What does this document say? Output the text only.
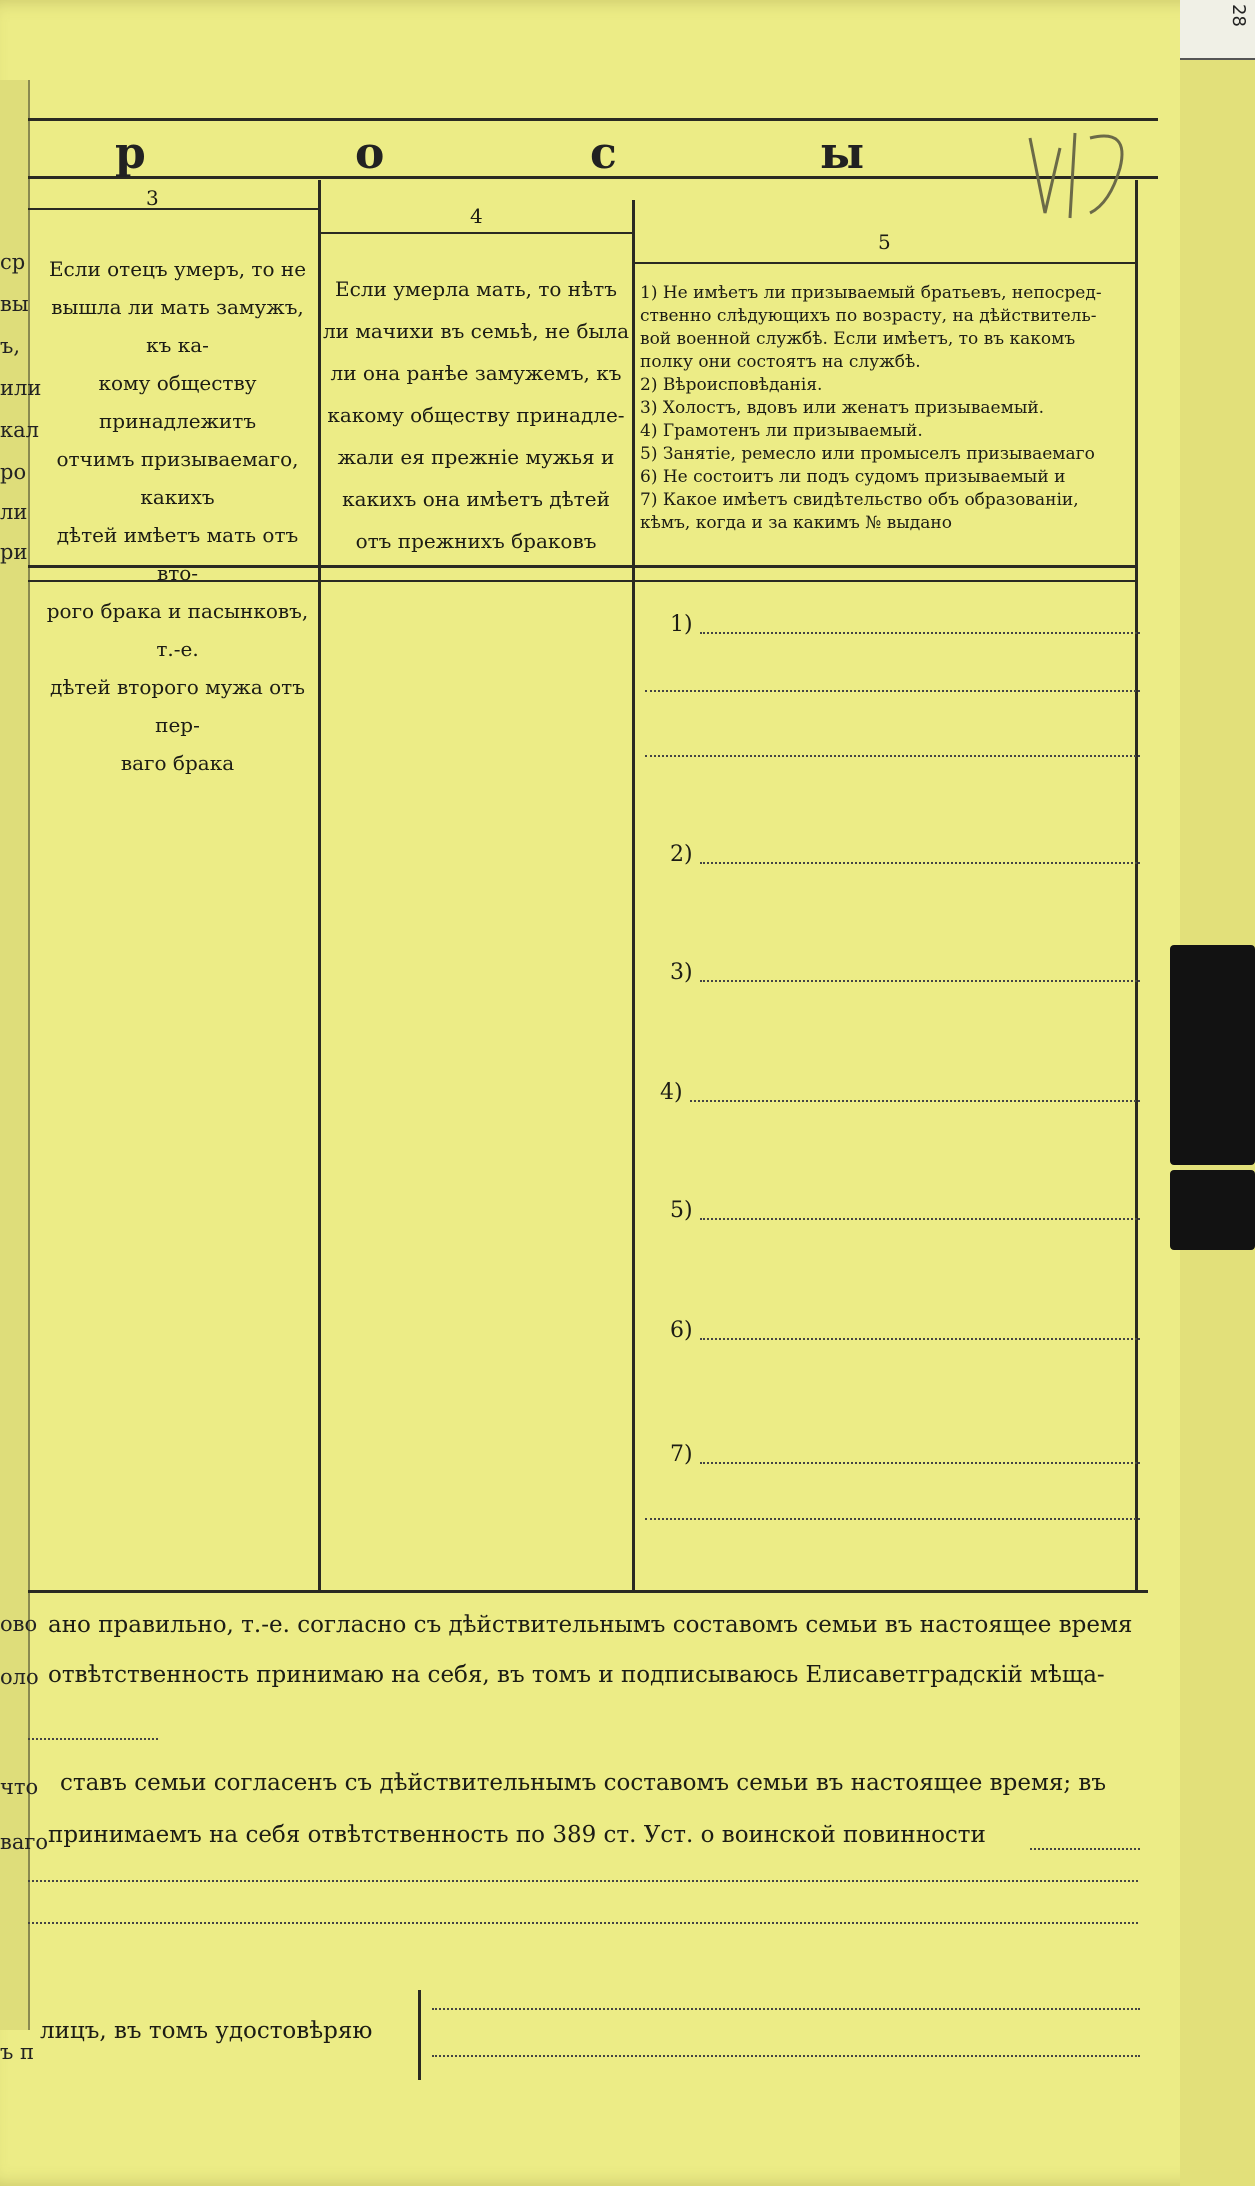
28
ср
вы
ъ,
или
кал
ро
ли
ри
ово
оло
что
ваго
ъ п
р	о	с	ы
3
Если отецъ умеръ, то не
вышла ли мать замужъ, къ ка-
кому обществу принадлежитъ
отчимъ призываемаго, какихъ
дѣтей имѣетъ мать отъ вто-
рого брака и пасынковъ, т.-е.
дѣтей второго мужа отъ пер-
ваго брака
4
Если умерла мать, то нѣтъ
ли мачихи въ семьѣ, не была
ли она ранѣе замужемъ, къ
какому обществу принадле-
жали ея прежніе мужья и
какихъ она имѣетъ дѣтей
отъ прежнихъ браковъ
5
1) Не имѣетъ ли призываемый братьевъ, непосред-
ственно слѣдующихъ по возрасту, на дѣйствитель-
вой военной службѣ. Если имѣетъ, то въ какомъ
полку они состоятъ на службѣ.
2) Вѣроисповѣданія.
3) Холостъ, вдовъ или женатъ призываемый.
4) Грамотенъ ли призываемый.
5) Занятіе, ремесло или промыселъ призываемаго
6) Не состоитъ ли подъ судомъ призываемый и
7) Какое имѣетъ свидѣтельство объ образованіи,
кѣмъ, когда и за какимъ № выдано
1)
2)
3)
4)
5)
6)
7)
ано правильно, т.-е. согласно съ дѣйствительнымъ составомъ семьи въ настоящее время
отвѣтственность принимаю на себя, въ томъ и подписываюсь Елисаветградскій мѣща-
ставъ семьи согласенъ съ дѣйствительнымъ составомъ семьи въ настоящее время; въ
принимаемъ на себя отвѣтственность по 389 ст. Уст. о воинской повинности
лицъ, въ томъ удостовѣряю
